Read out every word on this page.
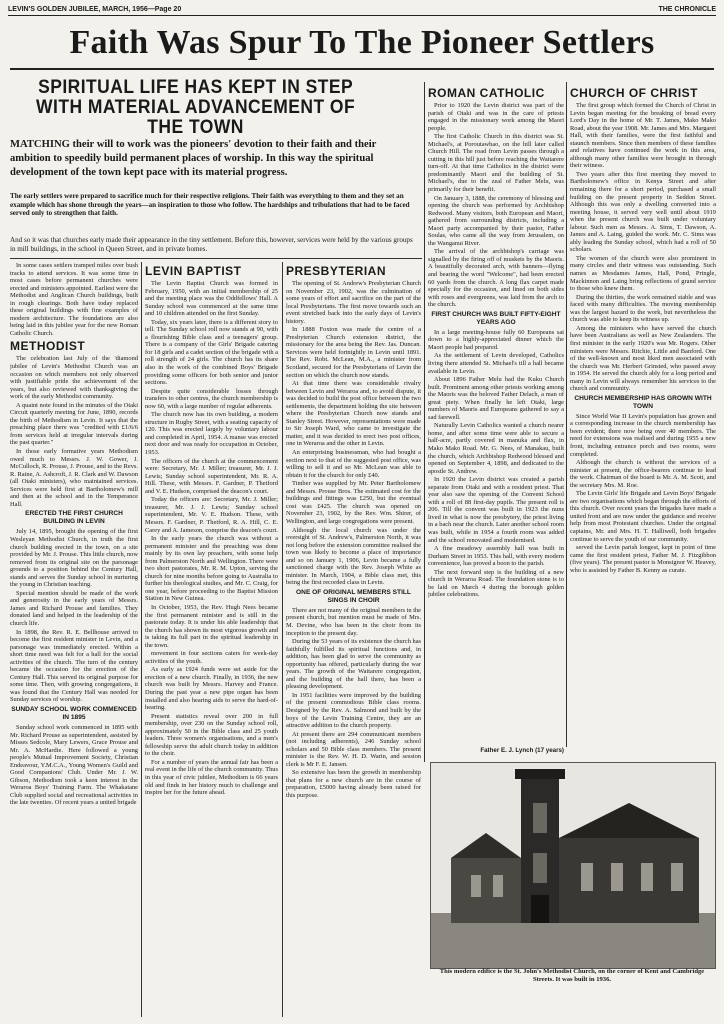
LEVIN'S GOLDEN JUBILEE, MARCH, 1956—Page 20	THE CHRONICLE
Faith Was Spur To The Pioneer Settlers
SPIRITUAL LIFE HAS KEPT IN STEP WITH MATERIAL ADVANCEMENT OF THE TOWN
MATCHING their will to work was the pioneers' devotion to their faith and their ambition to speedily build permanent places of worship. In this way the spiritual development of the town kept pace with its material progress.
The early settlers were prepared to sacrifice much for their respective religions. Their faith was everything to them and they set an example which has shone through the years—an inspiration to those who follow. The hardships and tribulations that had to be faced served only to strengthen that faith.
And so it was that churches early made their appearance in the tiny settlement. Before this, however, services were held by the various groups in mill buildings, in the school in Queen Street, and in private homes.

In some cases settlers tramped miles over bush tracks to attend services. It was some time in most cases before permanent churches were erected and ministers appointed. Earliest were the Methodist and Anglican Church buildings, built in rough clearings. Both have today replaced these original buildings with fine examples of modern architecture. The foundations are also being laid in this jubilee year for the new Roman Catholic Church.

METHODIST

The celebration last July of the 'diamond jubilee of Levin's Methodist Church was an occasion on which members not only observed with justifiable pride the achievement of the years, but also reviewed with thanksgiving the work of the early Methodist community.

A quaint note found in the minutes of the Otaki Circuit quarterly meeting for June, 1890, records the birth of Methodism in Levin. It says that the preaching place there was "credited with £1/6/6 from services held at irregular intervals during the past quarter."

In those early formative years Methodism owed much to Messrs. J. W. Gower, J. McCulloch, R. Prouse, J. Prouse, and to the Revs. R. Raine, A. Ashcroft, J. R. Clark and W. Dawson (all Otaki ministers), who maintained services. Services were held first at Bartholomew's mill and then at the school and in the Temperance Hall.

ERECTED THE FIRST CHURCH BUILDING IN LEVIN

July 14, 1895, brought the opening of the first Wesleyan Methodist Church, in truth the first church building erected in the town, on a site provided by Mr. J. Prouse. This little church, now removed from its original site on the parsonage grounds to a position behind the Century Hall, stands and serves the Sunday school in nurturing the young in Christian teaching.

Special mention should be made of the work and generosity in the early years of Messrs. James and Richard Prouse and families. They donated land and helped in the leadership of the church life.

In 1898, the Rev. R. E. Bellhouse arrived to become the first resident minister in Levin, and a parsonage was immediately erected. Within a short time need was felt for a hall for the social activities of the church. The turn of the century became the occasion for the erection of the Century Hall. This served its original purpose for some time. Then, with growing congregations, it was found that the Century Hall was needed for Sunday services of worship.

SUNDAY SCHOOL WORK COMMENCED IN 1895

Sunday school work commenced in 1895 with Mr. Richard Prouse as superintendent, assisted by Misses Sedcole, Mary Lewers, Grace Prouse and Mr. A. McHardie. Here followed a young people's Mutual Improvement Society, Christian Endeavour, Y.M.C.A., Young Women's Guild and Good Companions' Club. Under Mr. J. W. Gibson, Methodism took a keen interest in the Weraroa Boys' Training Farm. The Whakatane Club supplied social and recreational activities in the late twenties. Of recent years a united brigade

LEVIN BAPTIST

The Levin Baptist Church was formed in February, 1950, with an initial membership of 25 and the meeting place was the Oddfellows' Hall. A Sunday school was commenced at the same time and 10 children attended on the first Sunday.

Today, six years later, there is a different story to tell. The Sunday school roll now stands at 90, with a flourishing Bible class and a teenagers' group. There is a company of the Girls' Brigade catering for 18 girls and a cadet section of the brigade with a roll strength of 24 girls. The church has its share also in the work of the combined Boys' Brigade providing some officers for both senior and junior sections.

Despite quite considerable losses through transfers to other centres, the church membership is now 60, with a large number of regular adherents.

The church now has its own building, a modern structure in Rugby Street, with a seating capacity of 120. This was erected largely by voluntary labour and completed in April, 1954. A manse was erected next door and was ready for occupation in October, 1953.

The officers of the church at the commencement were: Secretary, Mr. J. Miller; treasurer, Mr. J. J. Lewis; Sunday school superintendent, Mr. R. A. Hill. These, with Messrs. F. Gardner, P. Thetford and V. E. Hudson, comprised the deacon's court.

Today the officers are: Secretary, Mr. J. Miller; treasurer, Mr. J. J. Lewis; Sunday school superintendent, Mr. V. E. Hudson. These, with Messrs. F. Gardner, P. Thetford, R. A. Hill, C. E. Carey and A. Jameson, comprise the deacon's court.

In the early years the church was without a permanent minister and the preaching was done mainly by its own lay preachers, with some help from Palmerston North and Wellington. There were two short pastorates, Mr. R. M. Upton, serving the church for nine months before going to Australia to further his theological studies, and Mr. C. Craig, for one year, before proceeding to the Baptist Mission Station in New Guinea.

In October, 1953, the Rev. Hugh Nees became the first permanent minister and is still in the pastorate today. It is under his able leadership that the church has shown its most vigorous growth and is taking its full part in the spiritual leadership in the town.

movement in four sections caters for week-day activities of the youth.

As early as 1924 funds were set aside for the erection of a new church. Finally, in 1936, the new church was built by Messrs. Harvey and France. During the past year a new pipe organ has been installed and also hearing aids to serve the hard-of-hearing.

Present statistics reveal over 200 in full membership, over 230 on the Sunday school roll, approximately 50 in the Bible class and 25 youth leaders. Three women's organisations, and a men's fellowship serve the adult church today in addition to the choir.

For a number of years the annual fair has been a real event in the life of the church community. Thus in this year of civic jubilee, Methodism is 66 years old and finds in her history much to challenge and inspire her for the future ahead.

PRESBYTERIAN

The opening of St. Andrew's Presbyterian Church on November 23, 1902, was the culmination of some years of effort and sacrifice on the part of the local Presbyterians. The first move towards such an event stretched back into the early days of Levin's history.

In 1888 Foxton was made the centre of a Presbyterian Church extension district, the missionary for the area being the Rev. Jas. Duncan. Services were held fortnightly in Levin until 1891. The Rev. Robt. McLean, M.A., a minister from Scotland, secured for the Presbyterians of Levin the section on which the church now stands.

At that time there was considerable rivalry between Levin and Weraroa and, to avoid dispute, it was decided to build the post office between the two settlements, the department holding the site between where the Presbyterian Church now stands and Stanley Street. However, representations were made to Sir Joseph Ward, who came to investigate the matter, and it was decided to erect two post offices, one in Weraroa and the other in Levin.

An enterprising businessman, who had bought a section next to that of the suggested post office, was willing to sell it and so Mr. McLean was able to obtain it for the church for only £40.

Timber was supplied by Mr. Peter Bartholomew and Messrs. Prouse Bros. The estimated cost for the buildings and fittings was £250, but the eventual cost was £425. The church was opened on November 23, 1902, by the Rev. Wm. Shirer, of Wellington, and large congregations were present.

Although the local church was under the oversight of St. Andrew's, Palmerston North, it was not long before the extension committee realised the town was likely to become a place of importance and so on January 1, 1906, Levin became a fully sanctioned charge with the Rev. Joseph White as minister. In March, 1904, a Bible class met, this being the first recorded class in Levin.

ONE OF ORIGINAL MEMBERS STILL SINGS IN CHOIR

There are not many of the original members in the present church, but mention must be made of Mrs. M. Devine, who has been in the choir from its inception to the present day.

During the 53 years of its existence the church has faithfully fulfilled its spiritual functions and, in addition, has been glad to serve the community as opportunity has offered, particularly during the war years. The growth of the Waitarere congregation, and the building of the hall there, has been a pleasing development.

In 1951 facilities were improved by the building of the present commodious Bible class rooms. Designed by the Rev. A. Salmond and built by the boys of the Levin Training Centre, they are an attractive addition to the church property.

At present there are 294 communicant members (not including adherents), 246 Sunday school scholars and 50 Bible class members. The present minister is the Rev. W. H. D. Warin, and session clerk is Mr F. E. Jansen.

So extensive has been the growth in membership that plans for a new church are in the course of preparation, £5000 having already been raised for this purpose.

ROMAN CATHOLIC

Prior to 1920 the Levin district was part of the parish of Otaki and was in the care of priests engaged in the missionary work among the Maori people.

The first Catholic Church in this district was St. Michael's, at Poroutawhao, on the hill later called Church Hill. The road from Levin passes through a cutting in this hill just before reaching the Waitarere turn-off. At that time Catholics in the district were predominantly Maori and the building of St. Michael's, due to the zeal of Father Melu, was primarily for their benefit.

On January 3, 1888, the ceremony of blessing and opening the church was performed by Archbishop Redwood. Many visitors, both European and Maori, gathered from surrounding districts, including a Maori party accompanied by their pastor, Father Soulas, who came all the way from Jerusalem, on the Wanganui River.

The arrival of the archbishop's carriage was signalled by the firing off of muskets by the Maoris. A beautifully decorated arch, with banners—flying and bearing the word "Welcome", had been erected 60 yards from the church. A long flax carpet made specially for the occasion, and lined on both sides with roses and evergreens, was laid from the arch to the church.

FIRST CHURCH WAS BUILT FIFTY-EIGHT YEARS AGO

In a large meeting-house fully 60 Europeans sat down to a highly-appreciated dinner which the Maori people had prepared.

As the settlement of Levin developed, Catholics living there attended St. Michael's till a hall became available in Levin.

About 1896 Father Melu had the Kuku Church built. Prominent among other priests working among the Maoris was the beloved Father Delach, a man of great piety. When finally he left Otaki, large numbers of Maoris and Europeans gathered to say a sad farewell.

Naturally Levin Catholics wanted a church nearer home, and after some time were able to secure a half-acre, partly covered in manuka and flax, in Mako Mako Road. Mr. G. Nees, of Manakau, built the church, which Archbishop Redwood blessed and opened on September 4, 1898, and dedicated to the apostle St. Andrew.

In 1920 the Levin district was created a parish separate from Otaki and with a resident priest. That year also saw the opening of the Convent School with a roll of 88 first-day pupils. The present roll is 206. Till the convent was built in 1923 the nuns lived in what is now the presbytery, the priest living in a bach near the church. Later another school room was built, while in 1954 a fourth room was added and the school renovated and modernised.

A fine meadowy assembly hall was built in Durham Street in 1953. This hall, with every modern convenience, has proved a boon to the parish.

The next forward step is the building of a new church in Weraroa Road. The foundation stone is to be laid on March 4 during the borough golden jubilee celebrations.

Father E. J. Lynch (17 years)
CHURCH OF CHRIST

The first group which formed the Church of Christ in Levin began meeting for the breaking of bread every Lord's Day in the home of Mr. T. James, Mako Mako Road, about the year 1908. Mr. James and Mrs. Margaret Hall, with their families, were the first faithful and staunch members. Since then members of these families and relatives have continued the work in this area, although many other families were brought in through their witness.

Two years after this first meeting they moved to Bartholomew's office in Kenya Street and after remaining there for a short period, purchased a small building on the present property in Seddon Street. Although this was only a dwelling converted into a meeting house, it served very well until about 1919 when the present church was built under voluntary labour. Such men as Messrs. A. Sims, T. Dawson, A. James and A. Laing, guided the work. Mr. C. Sims was ably leading the Sunday school, which had a roll of 50 scholars.

The women of the church were also prominent in many circles and their witness was outstanding. Such names as Mesdames James, Hall, Pond, Pringle, Mackinnon and Laing bring reflections of grand service to those who knew them.

During the thirties, the work remained stable and was faced with many difficulties. The moving membership was the largest hazard to the work, but nevertheless the church was able to keep its witness up.

Among the ministers who have served the church have been Australians as well as New Zealanders. The first minister in the early 1920's was Mr. Rogers. Other ministers were Messrs. Ritchie, Little and Banford. One of the well-known and most liked men associated with the church was Mr. Herbert Grinsted, who passed away in 1954. He served the church ably for a long period and many in Levin will always remember his services to the church and community.

CHURCH MEMBERSHIP HAS GROWN WITH TOWN

Since World War II Levin's population has grown and a corresponding increase in the church membership has been evident; there now being over 40 members. The need for extensions was realised and during 1955 a new front, including entrance porch and two rooms, were completed.

Although the church is without the services of a minister at present, the office-bearers continue to lead the work. Chairman of the board is Mr. A. M. Scott, and the secretary Mrs. M. Roe.

The Levin Girls' life Brigade and Levin Boys' Brigade are two organisations which began through the efforts of this church. Over recent years the brigades have made a united front and are now under the guidance and receive help from most Protestant churches. Under the original captains, Mr. and Mrs. H. T. Halliwell, both brigades continue to serve the youth of our community.

served the Levin parish longest, kept in point of time came the first resident priest, Father M. J. Fitzgibbon (five years). The present pastor is Monsignor W. Heavey, who is assisted by Father B. Kenny as curate.

This modern edifice is the St. John's Methodist Church, on the corner of Kent and Cambridge Streets. It was built in 1936.
